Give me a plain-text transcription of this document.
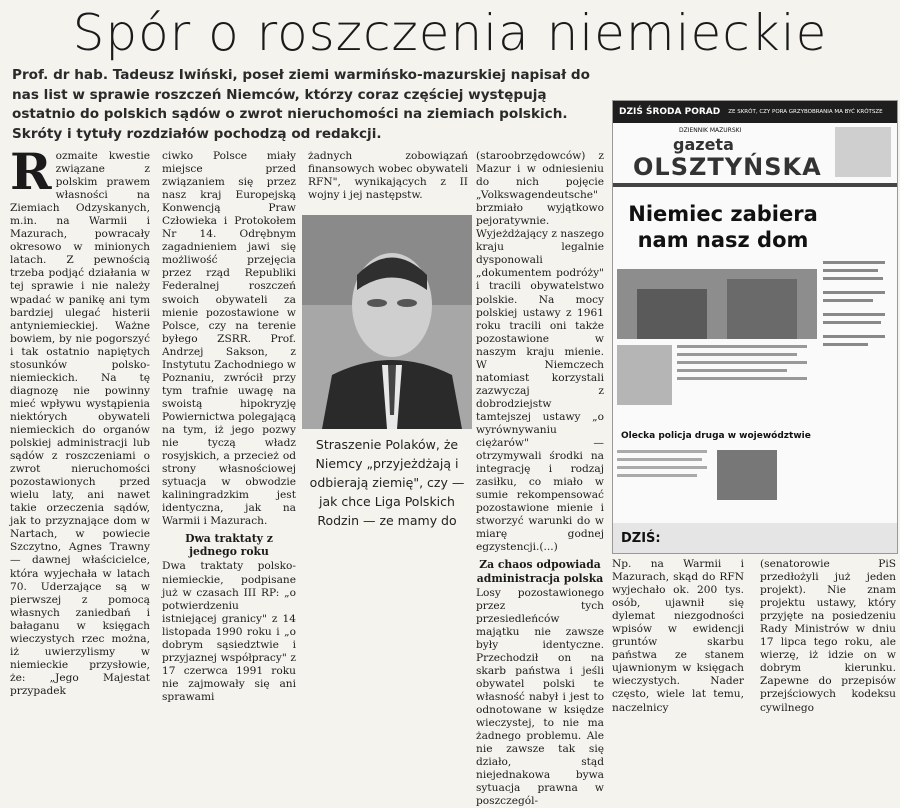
Spór o roszczenia niemieckie
Prof. dr hab. Tadeusz Iwiński, poseł ziemi warmińsko-mazurskiej napisał do nas list w sprawie roszczeń Niemców, którzy coraz częściej występują ostatnio do polskich sądów o zwrot nieruchomości na ziemiach polskich. Skróty i tytuły rozdziałów pochodzą od redakcji.
Rozmaite kwestie związane z polskim prawem własności na Ziemiach Odzyskanych, m.in. na Warmii i Mazurach, powracały okresowo w minionych latach. Z pewnością trzeba podjąć działania w tej sprawie i nie należy wpadać w panikę ani tym bardziej ulegać histerii antyniemieckiej. Ważne bowiem, by nie pogorszyć i tak ostatnio napiętych stosunków polsko-niemieckich. Na tę diagnozę nie powinny mieć wpływu wystąpienia niektórych obywateli niemieckich do organów polskiej administracji lub sądów z roszczeniami o zwrot nieruchomości pozostawionych przed wielu laty, ani nawet takie orzeczenia sądów, jak to przyznające dom w Nartach, w powiecie Szczytno, Agnes Trawny — dawnej właścicielce, która wyjechała w latach 70. Uderzające są w pierwszej z pomocą własnych zaniedbań i bałaganu w księgach wieczystych rzec można, iż uwierzylismy w niemieckie przysłowie, że: „Jego Majestat przypadek
ciwko Polsce miały miejsce przed związaniem się przez nasz kraj Europejską Konwencją Praw Człowieka i Protokołem Nr 14. Odrębnym zagadnieniem jawi się możliwość przejęcia przez rząd Republiki Federalnej roszczeń swoich obywateli za mienie pozostawione w Polsce, czy na terenie byłego ZSRR. Prof. Andrzej Sakson, z Instytutu Zachodniego w Poznaniu, zwrócił przy tym trafnie uwagę na swoistą hipokryzję Powiernictwa polegającą na tym, iż jego pozwy nie tyczą władz rosyjskich, a przecież od strony własnościowej sytuacja w obwodzie kaliningradzkim jest identyczna, jak na Warmii i Mazurach.
Dwa traktaty z jednego roku
Dwa traktaty polsko-niemieckie, podpisane już w czasach III RP: „o potwierdzeniu istniejącej granicy" z 14 listopada 1990 roku i „o dobrym sąsiedztwie i przyjaznej współpracy" z 17 czerwca 1991 roku nie zajmowały się ani sprawami
żadnych zobowiązań finansowych wobec obywateli RFN", wynikających z II wojny i jej następstw.
Straszenie Polaków, że Niemcy „przyjeżdżają i odbierają ziemię", czy — jak chce Liga Polskich Rodzin — ze mamy do
(staroobrzędowców) z Mazur i w odniesieniu do nich pojęcie „Volkswagendeutsche" brzmiało wyjątkowo pejoratywnie. Wyjeżdżający z naszego kraju legalnie dysponowali „dokumentem podróży" i tracili obywatelstwo polskie. Na mocy polskiej ustawy z 1961 roku tracili oni także pozostawione w naszym kraju mienie. W Niemczech natomiast korzystali zazwyczaj z dobrodziejstw tamtejszej ustawy „o wyrównywaniu ciężarów" — otrzymywali środki na integrację i rodzaj zasiłku, co miało w sumie rekompensować pozostawione mienie i stworzyć warunki do w miarę godnej egzystencji.(...)
Za chaos odpowiada administracja polska
Losy pozostawionego przez tych przesiedleńców majątku nie zawsze były identyczne. Przechodził on na skarb państwa i jeśli obywatel polski te własność nabył i jest to odnotowane w księdze wieczystej, to nie ma żadnego problemu. Ale nie zawsze tak się działo, stąd niejednakowa bywa sytuacja prawna w poszczegól-
DZIŚ ŚRODA PORAD ZE SKRÓT, CZY PORA GRZYBOBRANIA MA BYĆ KRÓTSZE
DZIENNIK MAZURSKI
gazeta
OLSZTYŃSKA
Niemiec zabiera nam nasz dom
Olecka policja druga w województwie
DZIŚ:
Np. na Warmii i Mazurach, skąd do RFN wyjechało ok. 200 tys. osób, ujawnił się dylemat niezgodności wpisów w ewidencji gruntów skarbu państwa ze stanem ujawnionym w księgach wieczystych. Nader często, wiele lat temu, naczelnicy
(senatorowie PiS przedłożyli już jeden projekt). Nie znam projektu ustawy, który przyjęte na posiedzeniu Rady Ministrów w dniu 17 lipca tego roku, ale wierzę, iż idzie on w dobrym kierunku. Zapewne do przepisów przejściowych kodeksu cywilnego
